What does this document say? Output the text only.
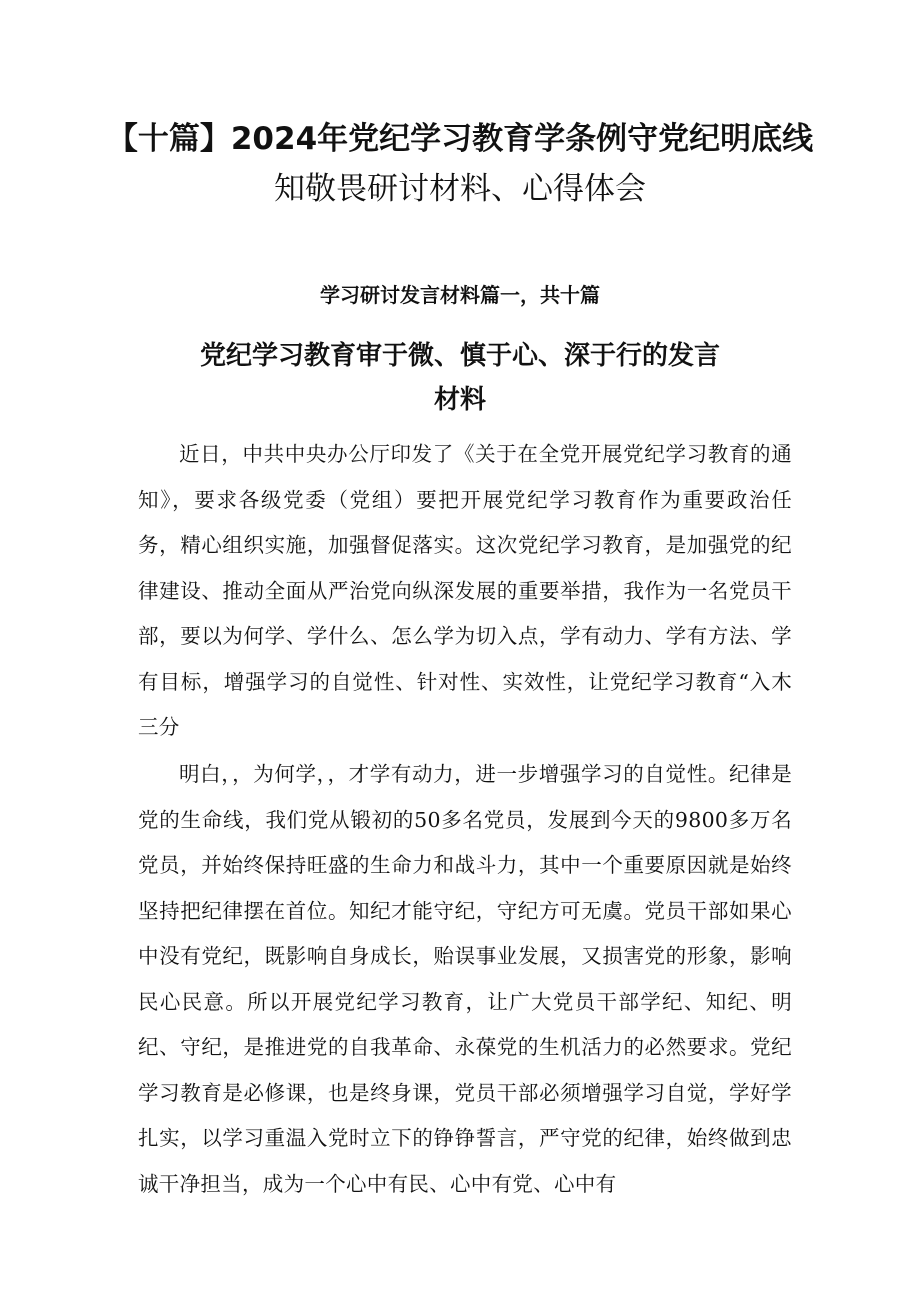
【十篇】2024年党纪学习教育学条例守党纪明底线
知敬畏研讨材料、心得体会
学习研讨发言材料篇一，共十篇
党纪学习教育审于微、慎于心、深于行的发言
材料

近日，中共中央办公厅印发了《关于在全党开展党纪学习教育的通知》，要求各级党委（党组）要把开展党纪学习教育作为重要政治任务，精心组织实施，加强督促落实。这次党纪学习教育，是加强党的纪律建设、推动全面从严治党向纵深发展的重要举措，我作为一名党员干部，要以为何学、学什么、怎么学为切入点，学有动力、学有方法、学有目标，增强学习的自觉性、针对性、实效性，让党纪学习教育“入木三分

明白，，为何学，，才学有动力，进一步增强学习的自觉性。纪律是党的生命线，我们党从锻初的50多名党员，发展到今天的9800多万名党员，并始终保持旺盛的生命力和战斗力，其中一个重要原因就是始终坚持把纪律摆在首位。知纪才能守纪，守纪方可无虞。党员干部如果心中没有党纪，既影响自身成长，贻误事业发展，又损害党的形象，影响民心民意。所以开展党纪学习教育，让广大党员干部学纪、知纪、明纪、守纪，是推进党的自我革命、永葆党的生机活力的必然要求。党纪学习教育是必修课，也是终身课，党员干部必须增强学习自觉，学好学扎实，以学习重温入党时立下的铮铮誓言，严守党的纪律，始终做到忠诚干净担当，成为一个心中有民、心中有党、心中有
